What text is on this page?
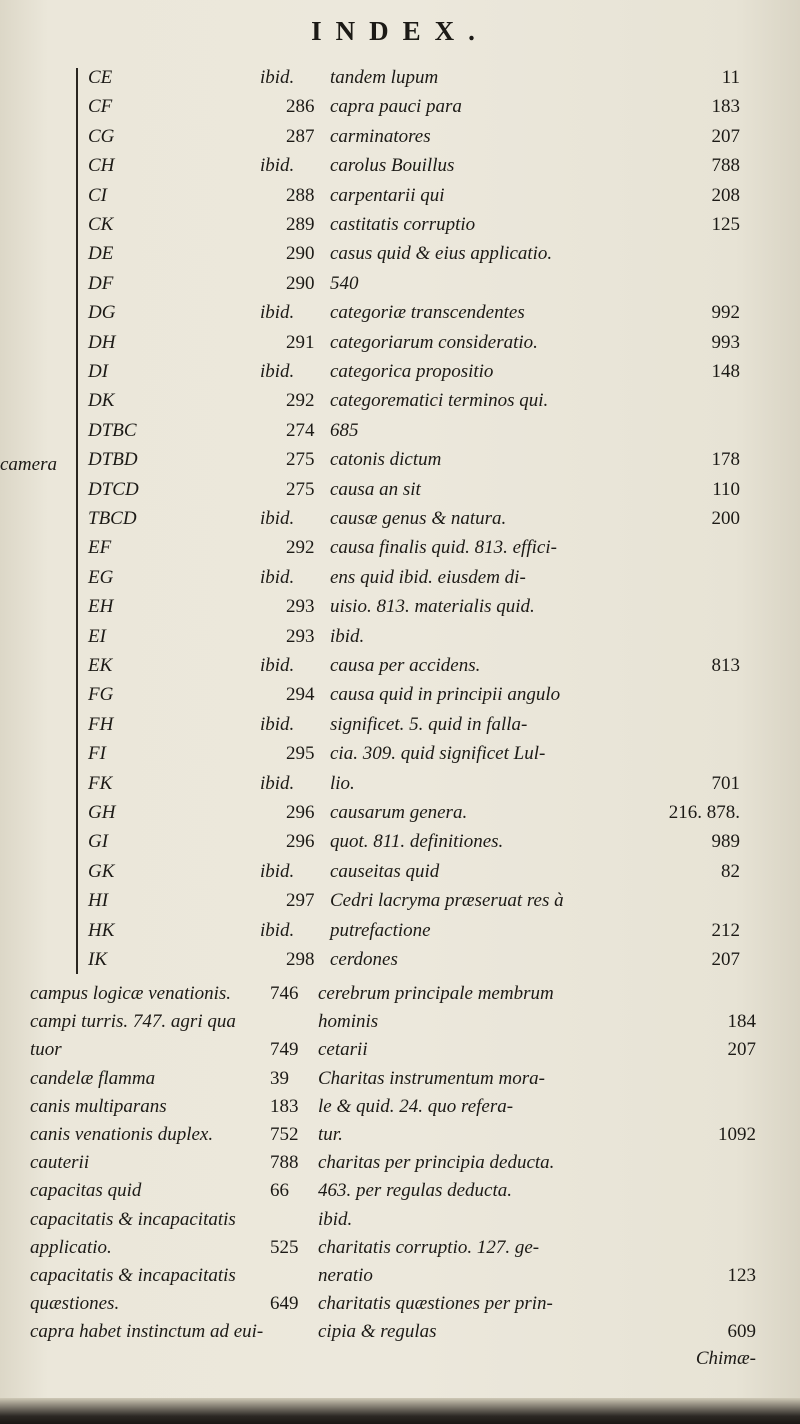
INDEX.
camera
CE	ibid. tandem lupum	11
CF	286 capra pauci para	183
CG	287 carminatores	207
CH	ibid. carolus Bouillus	788
CI	288 carpentarii qui	208
CK	289 castitatis corruptio	125
DE	290 casus quid & eius applicatio.
DF	290 540
DG	ibid. categoriæ transcendentes	992
DH	291 categoriarum consideratio.	993
DI	ibid. categorica propositio	148
DK	292 categorematici terminos qui.
DTBC	274 685
DTBD	275 catonis dictum	178
DTCD	275 causa an sit	110
TBCD	ibid. causæ genus & natura.	200
EF	292 causa finalis quid. 813. effici-
EG	ibid. ens quid ibid. eiusdem di-
EH	293 uisio. 813. materialis quid.
EI	293 ibid.
EK	ibid. causa per accidens.	813
FG	294 causa quid in principii angulo
FH	ibid. significet. 5. quid in falla-
FI	295 cia. 309. quid significet Lul-
FK	ibid. lio.	701
GH	296 causarum genera.	216. 878.
GI	296 quot. 811. definitiones.	989
GK	ibid. causeitas quid	82
HI	297 Cedri lacryma præseruat res à
HK	ibid. putrefactione	212
IK	298 cerdones	207
campus logicæ venationis. 746 cerebrum principale membrum
campi turris. 747. agri qua	hominis	184
tuor	749 cetarii	207
candelæ flamma	39 Charitas instrumentum mora-
canis multiparans	183 le & quid. 24. quo refera-
canis venationis duplex.	752 tur.	1092
cauterii	788 charitas per principia deducta.
capacitas quid	66 463. per regulas deducta.
capacitatis & incapacitatis	ibid.
applicatio.	525 charitatis corruptio. 127. ge-
capacitatis & incapacitatis	neratio	123
quæstiones.	649 charitatis quæstiones per prin-
capra habet instinctum ad eui-	cipia & regulas	609
Chimæ-
